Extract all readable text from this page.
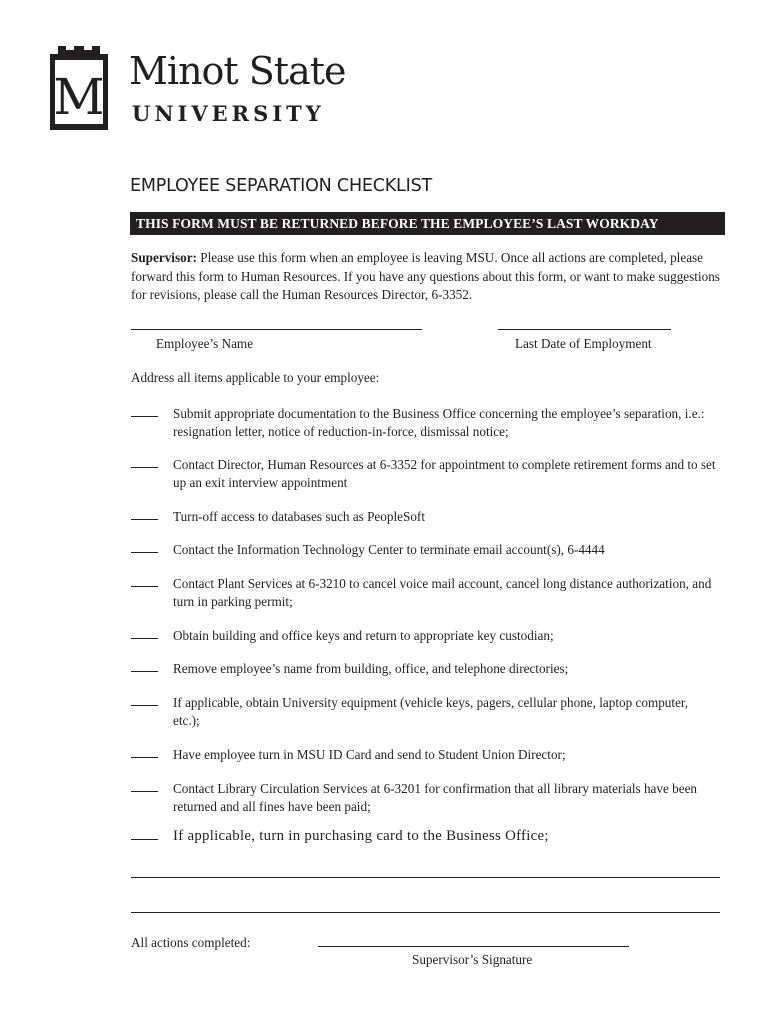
M Minot State
UNIVERSITY
EMPLOYEE SEPARATION CHECKLIST
THIS FORM MUST BE RETURNED BEFORE THE EMPLOYEE’S LAST WORKDAY
Supervisor: Please use this form when an employee is leaving MSU. Once all actions are completed, please forward this form to Human Resources. If you have any questions about this form, or want to make suggestions for revisions, please call the Human Resources Director, 6-3352.
Employee’s Name	Last Date of Employment
Address all items applicable to your employee:
Submit appropriate documentation to the Business Office concerning the employee’s separation, i.e.: resignation letter, notice of reduction-in-force, dismissal notice;
Contact Director, Human Resources at 6-3352 for appointment to complete retirement forms and to set up an exit interview appointment
Turn-off access to databases such as PeopleSoft
Contact the Information Technology Center to terminate email account(s), 6-4444
Contact Plant Services at 6-3210 to cancel voice mail account, cancel long distance authorization, and turn in parking permit;
Obtain building and office keys and return to appropriate key custodian;
Remove employee’s name from building, office, and telephone directories;
If applicable, obtain University equipment (vehicle keys, pagers, cellular phone, laptop computer, etc.);
Have employee turn in MSU ID Card and send to Student Union Director;
Contact Library Circulation Services at 6-3201 for confirmation that all library materials have been returned and all fines have been paid;
If applicable, turn in purchasing card to the Business Office;
All actions completed:
Supervisor’s Signature
